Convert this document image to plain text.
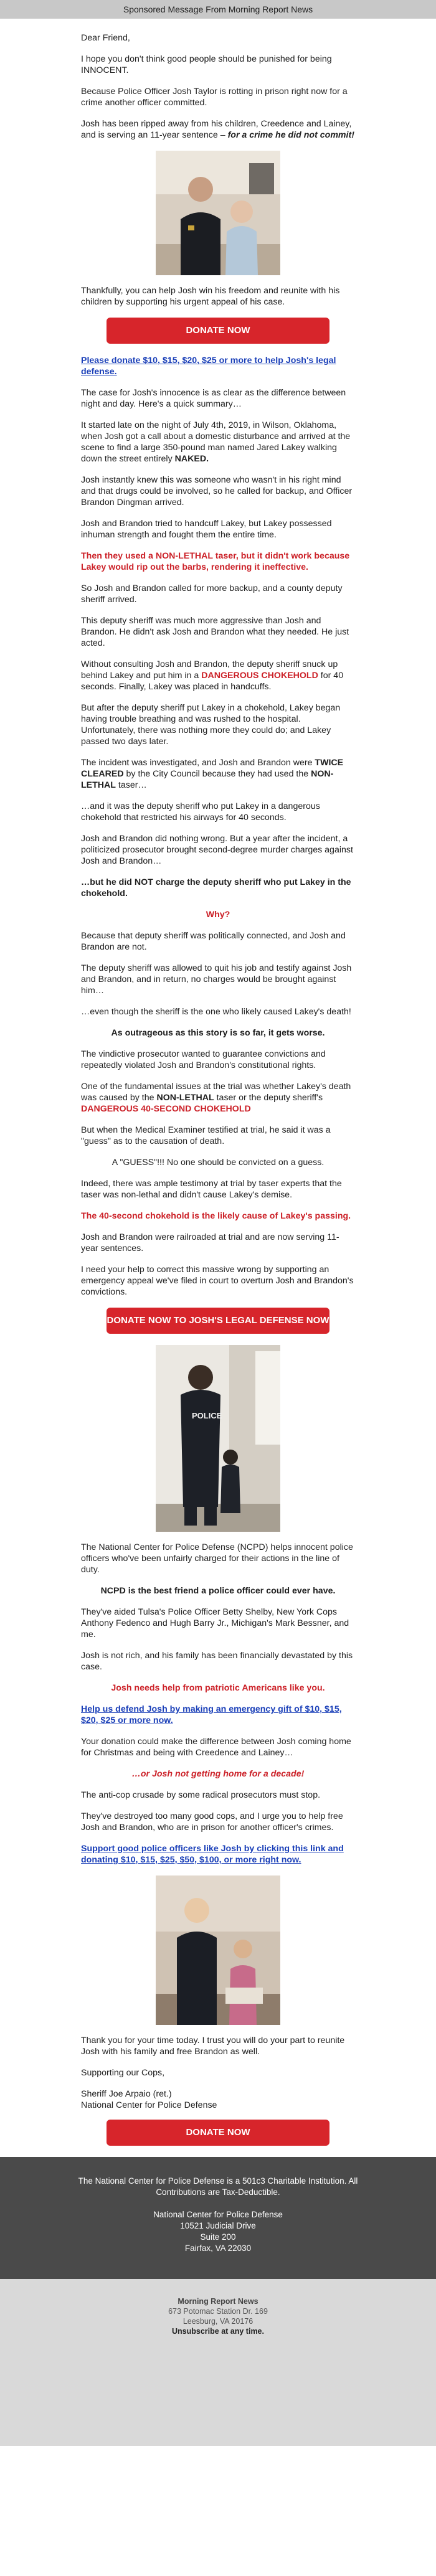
Sponsored Message From Morning Report News

Dear Friend,

I hope you don't think good people should be punished for being INNOCENT.

Because Police Officer Josh Taylor is rotting in prison right now for a crime another officer committed.

Josh has been ripped away from his children, Creedence and Lainey, and is serving an 11-year sentence – for a crime he did not commit!

Thankfully, you can help Josh win his freedom and reunite with his children by supporting his urgent appeal of his case.

DONATE NOW

Please donate $10, $15, $20, $25 or more to help Josh's legal defense.

The case for Josh's innocence is as clear as the difference between night and day. Here's a quick summary…

It started late on the night of July 4th, 2019, in Wilson, Oklahoma, when Josh got a call about a domestic disturbance and arrived at the scene to find a large 350-pound man named Jared Lakey walking down the street entirely NAKED.

Josh instantly knew this was someone who wasn't in his right mind and that drugs could be involved, so he called for backup, and Officer Brandon Dingman arrived.

Josh and Brandon tried to handcuff Lakey, but Lakey possessed inhuman strength and fought them the entire time.

Then they used a NON-LETHAL taser, but it didn't work because Lakey would rip out the barbs, rendering it ineffective.

So Josh and Brandon called for more backup, and a county deputy sheriff arrived.

This deputy sheriff was much more aggressive than Josh and Brandon. He didn't ask Josh and Brandon what they needed. He just acted.

Without consulting Josh and Brandon, the deputy sheriff snuck up behind Lakey and put him in a DANGEROUS CHOKEHOLD for 40 seconds. Finally, Lakey was placed in handcuffs.

But after the deputy sheriff put Lakey in a chokehold, Lakey began having trouble breathing and was rushed to the hospital. Unfortunately, there was nothing more they could do; and Lakey passed two days later.

The incident was investigated, and Josh and Brandon were TWICE CLEARED by the City Council because they had used the NON-LETHAL taser…

…and it was the deputy sheriff who put Lakey in a dangerous chokehold that restricted his airways for 40 seconds.

Josh and Brandon did nothing wrong. But a year after the incident, a politicized prosecutor brought second-degree murder charges against Josh and Brandon…

…but he did NOT charge the deputy sheriff who put Lakey in the chokehold.

Why?

Because that deputy sheriff was politically connected, and Josh and Brandon are not.

The deputy sheriff was allowed to quit his job and testify against Josh and Brandon, and in return, no charges would be brought against him…

…even though the sheriff is the one who likely caused Lakey's death!

As outrageous as this story is so far, it gets worse.

The vindictive prosecutor wanted to guarantee convictions and repeatedly violated Josh and Brandon's constitutional rights.

One of the fundamental issues at the trial was whether Lakey's death was caused by the NON-LETHAL taser or the deputy sheriff's DANGEROUS 40-SECOND CHOKEHOLD

But when the Medical Examiner testified at trial, he said it was a "guess" as to the causation of death.

A "GUESS"!!! No one should be convicted on a guess.

Indeed, there was ample testimony at trial by taser experts that the taser was non-lethal and didn't cause Lakey's demise.

The 40-second chokehold is the likely cause of Lakey's passing.

Josh and Brandon were railroaded at trial and are now serving 11-year sentences.

I need your help to correct this massive wrong by supporting an emergency appeal we've filed in court to overturn Josh and Brandon's convictions.

DONATE NOW TO JOSH'S LEGAL DEFENSE NOW
POLICE

The National Center for Police Defense (NCPD) helps innocent police officers who've been unfairly charged for their actions in the line of duty.

NCPD is the best friend a police officer could ever have.

They've aided Tulsa's Police Officer Betty Shelby, New York Cops Anthony Fedenco and Hugh Barry Jr., Michigan's Mark Bessner, and me.

Josh is not rich, and his family has been financially devastated by this case.

Josh needs help from patriotic Americans like you.

Help us defend Josh by making an emergency gift of $10, $15, $20, $25 or more now.

Your donation could make the difference between Josh coming home for Christmas and being with Creedence and Lainey…

…or Josh not getting home for a decade!

The anti-cop crusade by some radical prosecutors must stop.

They've destroyed too many good cops, and I urge you to help free Josh and Brandon, who are in prison for another officer's crimes.

Support good police officers like Josh by clicking this link and donating $10, $15, $25, $50, $100, or more right now.

Thank you for your time today. I trust you will do your part to reunite Josh with his family and free Brandon as well.

Supporting our Cops,

Sheriff Joe Arpaio (ret.)
National Center for Police Defense

DONATE NOW

The National Center for Police Defense is a 501c3 Charitable Institution. All Contributions are Tax-Deductible.

National Center for Police Defense
10521 Judicial Drive
Suite 200
Fairfax, VA 22030
Morning Report News
673 Potomac Station Dr. 169
Leesburg, VA 20176
Unsubscribe at any time.
